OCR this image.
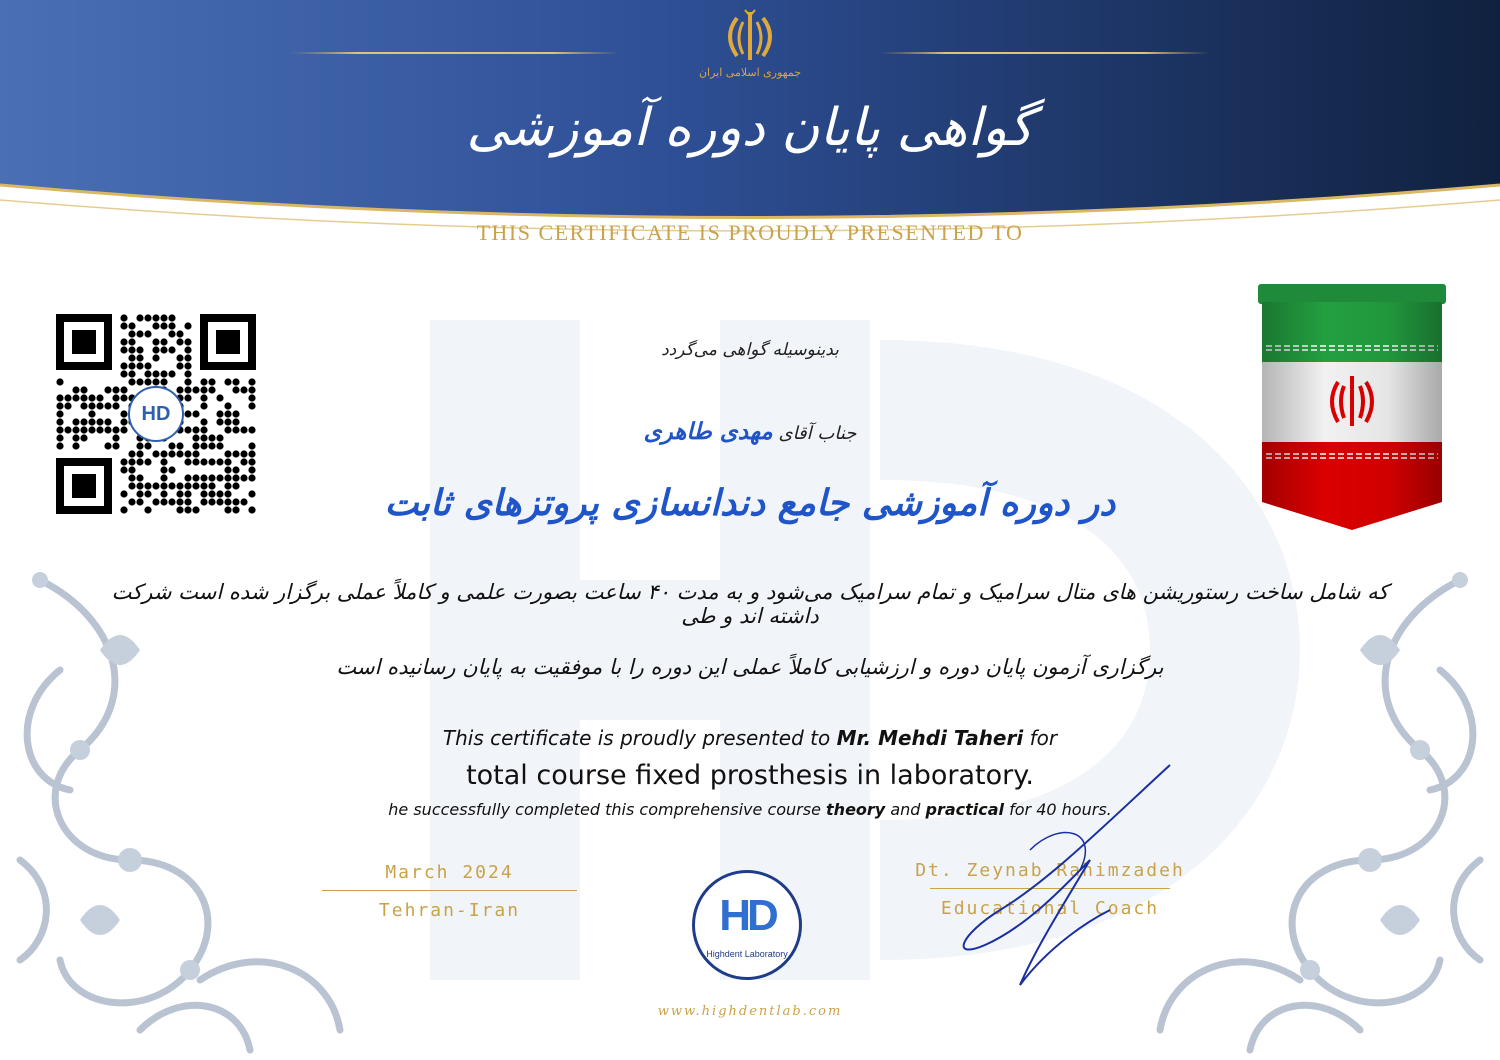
جمهوری اسلامی ایران
گواهی پایان دوره آموزشی
THIS CERTIFICATE IS PROUDLY PRESENTED TO
HD
بدینوسیله گواهی می‌گردد
جناب آقای مهدی طاهری
در دوره آموزشی جامع دندانسازی پروتزهای ثابت
که شامل ساخت رستوریشن های متال سرامیک و تمام سرامیک می‌شود و به مدت ۴۰ ساعت بصورت علمی و کاملاً عملی برگزار شده است شرکت داشته اند و طی
برگزاری آزمون پایان دوره و ارزشیابی کاملاً عملی این دوره را با موفقیت به پایان رسانیده است
This certificate is proudly presented to Mr. Mehdi Taheri for
total course fixed prosthesis in laboratory.
he successfully completed this comprehensive course theory and practical for 40 hours.
March 2024
Tehran-Iran
Dt. Zeynab Rahimzadeh
Educational Coach
HD
Highdent Laboratory
www.highdentlab.com
